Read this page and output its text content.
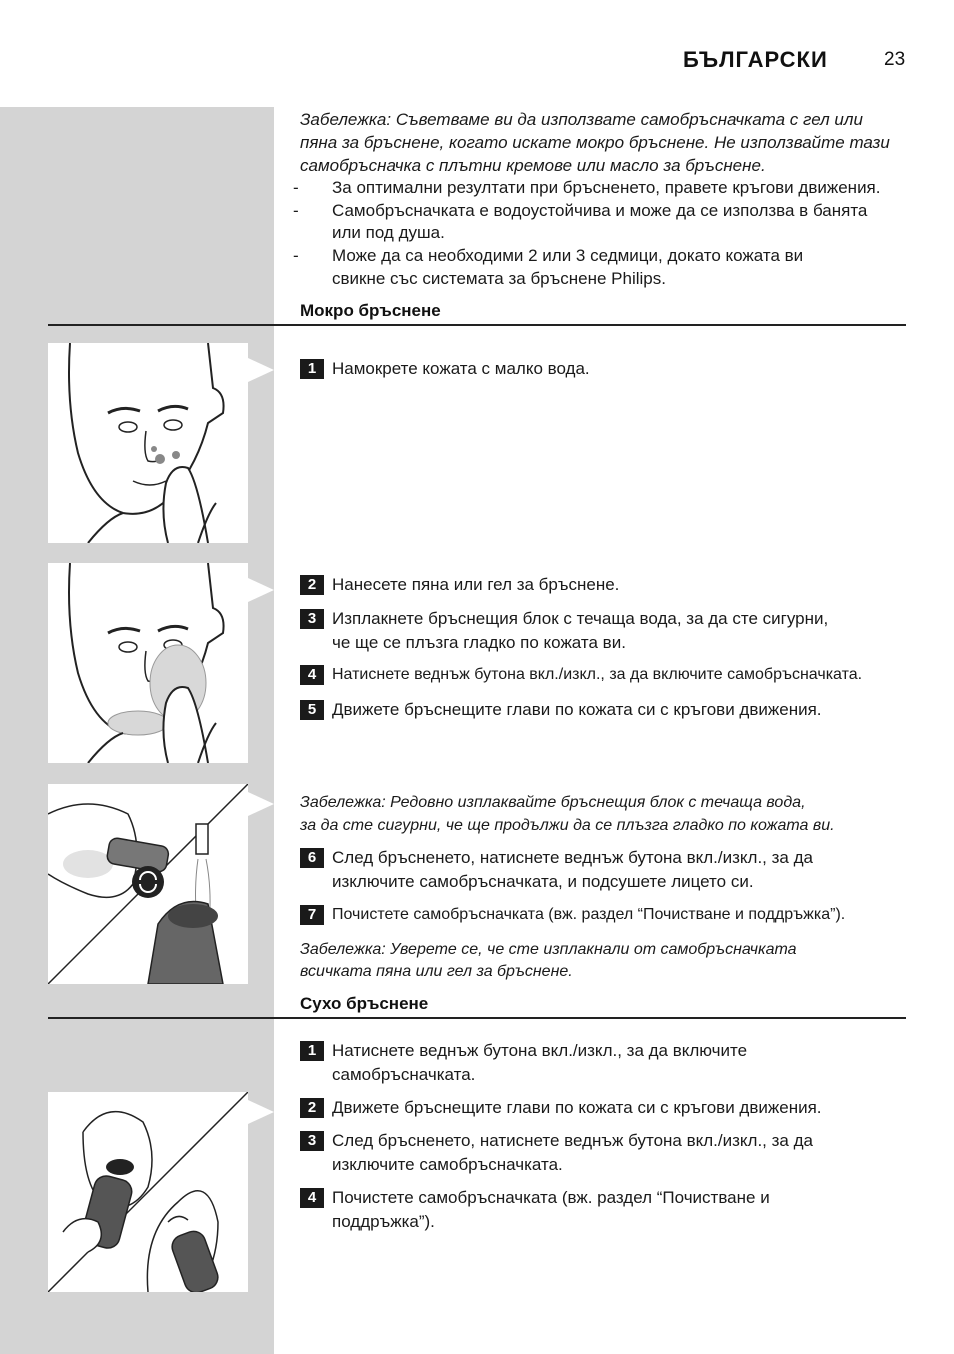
БЪЛГАРСКИ	23
Забележка: Съветваме ви да използвате самобръсначката с гел или
пяна за бръснене, когато искате мокро бръснене. Не използвайте тази
самобръсначка с плътни кремове или масло за бръснене.
- За оптимални резултати при бръсненето, правете кръгови движения.
- Самобръсначката е водоустойчива и може да се използва в банята
или под душа.
- Може да са необходими 2 или 3 седмици, докато кожата ви
свикне със системата за бръснене Philips.
Мокро бръснене
1 Намокрете кожата с малко вода.
2 Нанесете пяна или гел за бръснене.
3 Изплакнете бръснещия блок с течаща вода, за да сте сигурни,
че ще се плъзга гладко по кожата ви.
4 Натиснете веднъж бутона вкл./изкл., за да включите самобръсначката.
5 Движете бръснещите глави по кожата си с кръгови движения.
Забележка: Редовно изплаквайте бръснещия блок с течаща вода,
за да сте сигурни, че ще продължи да се плъзга гладко по кожата ви.
6 След бръсненето, натиснете веднъж бутона вкл./изкл., за да
изключите самобръсначката, и подсушете лицето си.
7 Почистете самобръсначката (вж. раздел “Почистване и поддръжка”).
Забележка: Уверете се, че сте изплакнали от самобръсначката
всичката пяна или гел за бръснене.
Сухо бръснене
1 Натиснете веднъж бутона вкл./изкл., за да включите
самобръсначката.
2 Движете бръснещите глави по кожата си с кръгови движения.
3 След бръсненето, натиснете веднъж бутона вкл./изкл., за да
изключите самобръсначката.
4 Почистете самобръсначката (вж. раздел “Почистване и
поддръжка”).
